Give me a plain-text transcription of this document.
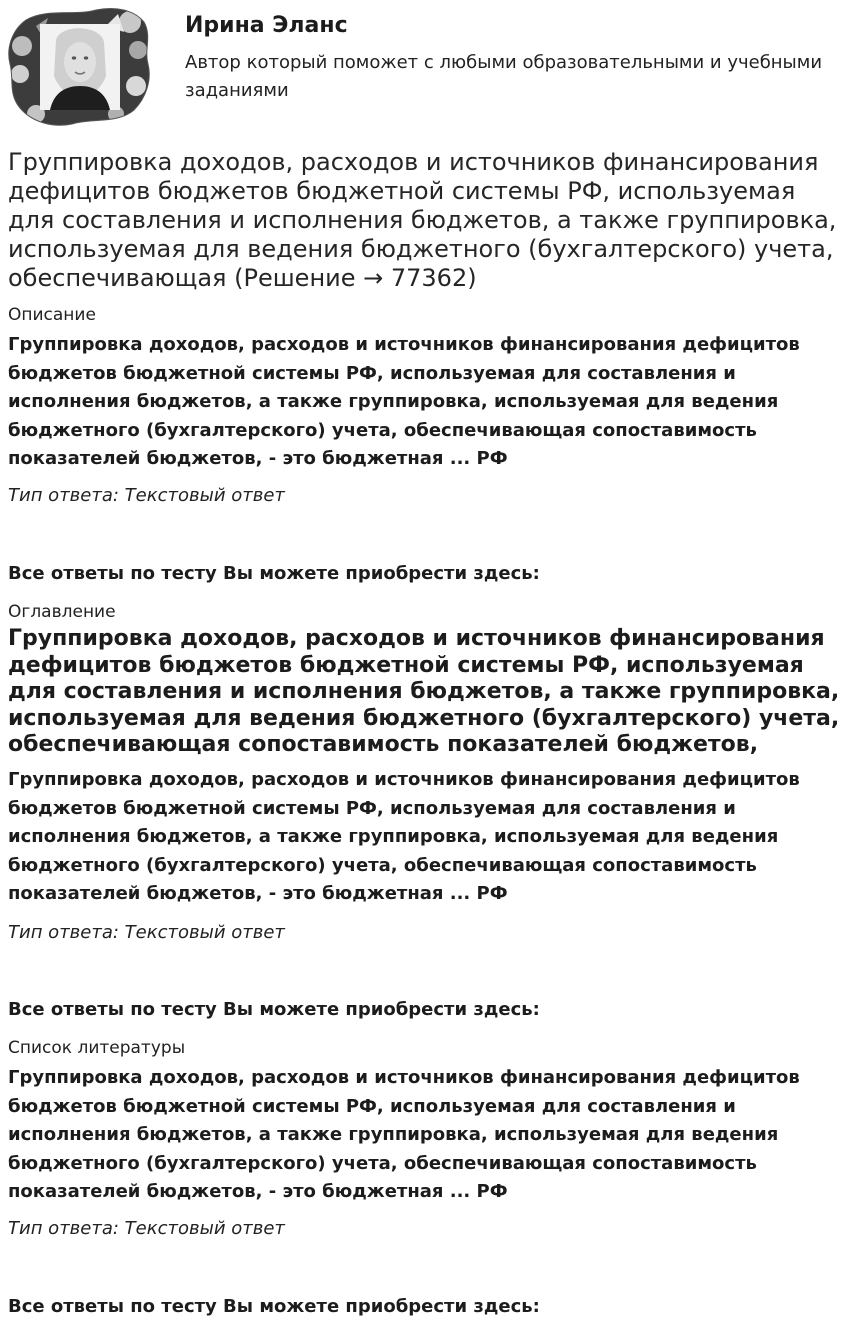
Ирина Эланс
Автор который поможет с любыми образовательными и учебными заданиями
Группировка доходов, расходов и источников финансирования дефицитов бюджетов бюджетной системы РФ, используемая для составления и исполнения бюджетов, а также группировка, используемая для ведения бюджетного (бухгалтерского) учета, обеспечивающая (Решение → 77362)
Описание
Группировка доходов, расходов и источников финансирования дефицитов бюджетов бюджетной системы РФ, используемая для составления и исполнения бюджетов, а также группировка, используемая для ведения бюджетного (бухгалтерского) учета, обеспечивающая сопоставимость показателей бюджетов, - это бюджетная ... РФ
Тип ответа: Текстовый ответ
Все ответы по тесту Вы можете приобрести здесь:
Оглавление
Группировка доходов, расходов и источников финансирования дефицитов бюджетов бюджетной системы РФ, используемая для составления и исполнения бюджетов, а также группировка, используемая для ведения бюджетного (бухгалтерского) учета, обеспечивающая сопоставимость показателей бюджетов,
Группировка доходов, расходов и источников финансирования дефицитов бюджетов бюджетной системы РФ, используемая для составления и исполнения бюджетов, а также группировка, используемая для ведения бюджетного (бухгалтерского) учета, обеспечивающая сопоставимость показателей бюджетов, - это бюджетная ... РФ
Тип ответа: Текстовый ответ
Все ответы по тесту Вы можете приобрести здесь:
Список литературы
Группировка доходов, расходов и источников финансирования дефицитов бюджетов бюджетной системы РФ, используемая для составления и исполнения бюджетов, а также группировка, используемая для ведения бюджетного (бухгалтерского) учета, обеспечивающая сопоставимость показателей бюджетов, - это бюджетная ... РФ
Тип ответа: Текстовый ответ
Все ответы по тесту Вы можете приобрести здесь:
